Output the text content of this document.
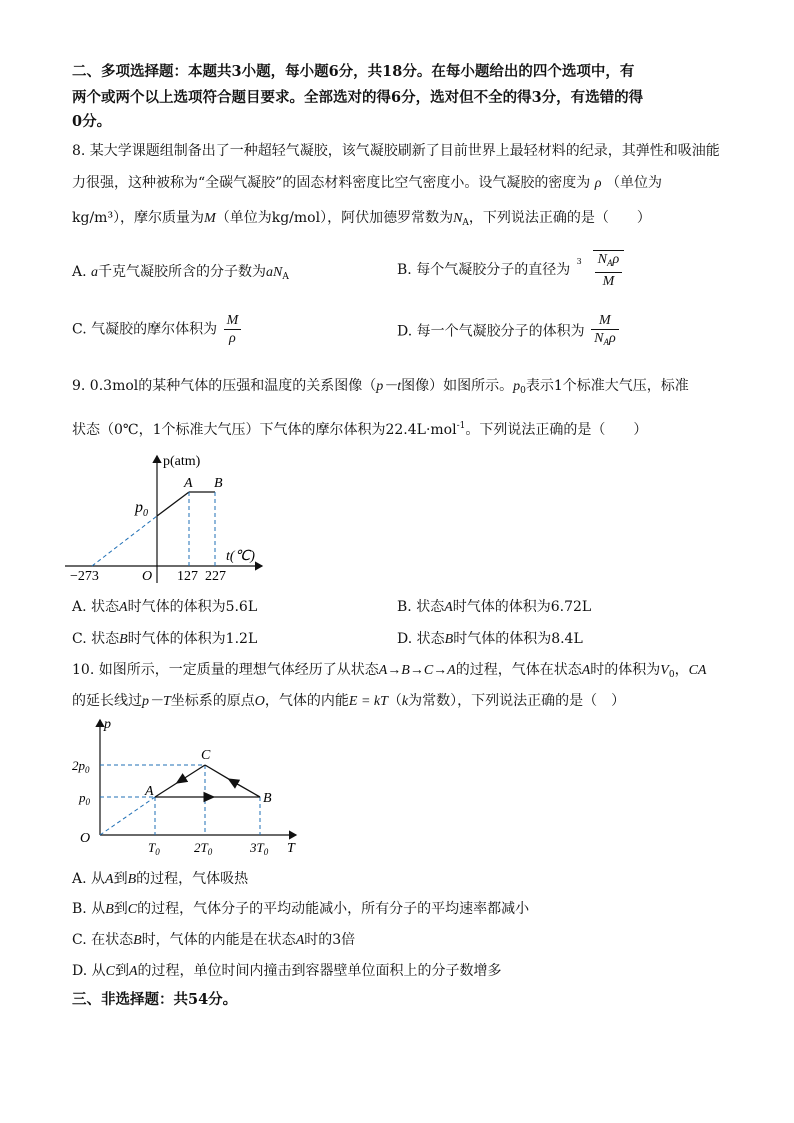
二、多项选择题：本题共3小题，每小题6分，共18分。在每小题给出的四个选项中，有
两个或两个以上选项符合题目要求。全部选对的得6分，选对但不全的得3分，有选错的得
0分。
8. 某大学课题组制备出了一种超轻气凝胶，该气凝胶刷新了目前世界上最轻材料的纪录，其弹性和吸油能
力很强，这种被称为“全碳气凝胶”的固态材料密度比空气密度小。设气凝胶的密度为 ρ （单位为
kg/m³），摩尔质量为M（单位为kg/mol），阿伏加德罗常数为$N_A$，下列说法正确的是（　　）
A. a千克气凝胶所含的分子数为$aN_A$	B. 每个气凝胶分子的直径为
$3 \frac{N_A\rho}{M}$
C. 气凝胶的摩尔体积为 $\frac{M}{\rho}$	D. 每一个气凝胶分子的体积为 $\frac{M}{N_A\rho}$
9. 0.3mol的某种气体的压强和温度的关系图像（p－t图像）如图所示。$p_0$表示1个标准大气压，标准
状态（0℃，1个标准大气压）下气体的摩尔体积为22.4L·mol$^{-1}$。下列说法正确的是（　　）
p(atm)
t(℃)
$p_0$
A B
O
−273	127 227
A. 状态A时气体的体积为5.6L	B. 状态A时气体的体积为6.72L
C. 状态B时气体的体积为1.2L	D. 状态B时气体的体积为8.4L
10. 如图所示，一定质量的理想气体经历了从状态A→B→C→A的过程，气体在状态A时的体积为$V_0$，CA
的延长线过p－T坐标系的原点O，气体的内能E = kT（k为常数），下列说法正确的是（　）
p
T
O
$2p_0$
$p_0$
$T_0$	$2T_0$	$3T_0$
A	B
C
A. 从A到B的过程，气体吸热
B. 从B到C的过程，气体分子的平均动能减小，所有分子的平均速率都减小
C. 在状态B时，气体的内能是在状态A时的3倍
D. 从C到A的过程，单位时间内撞击到容器壁单位面积上的分子数增多
三、非选择题：共54分。
